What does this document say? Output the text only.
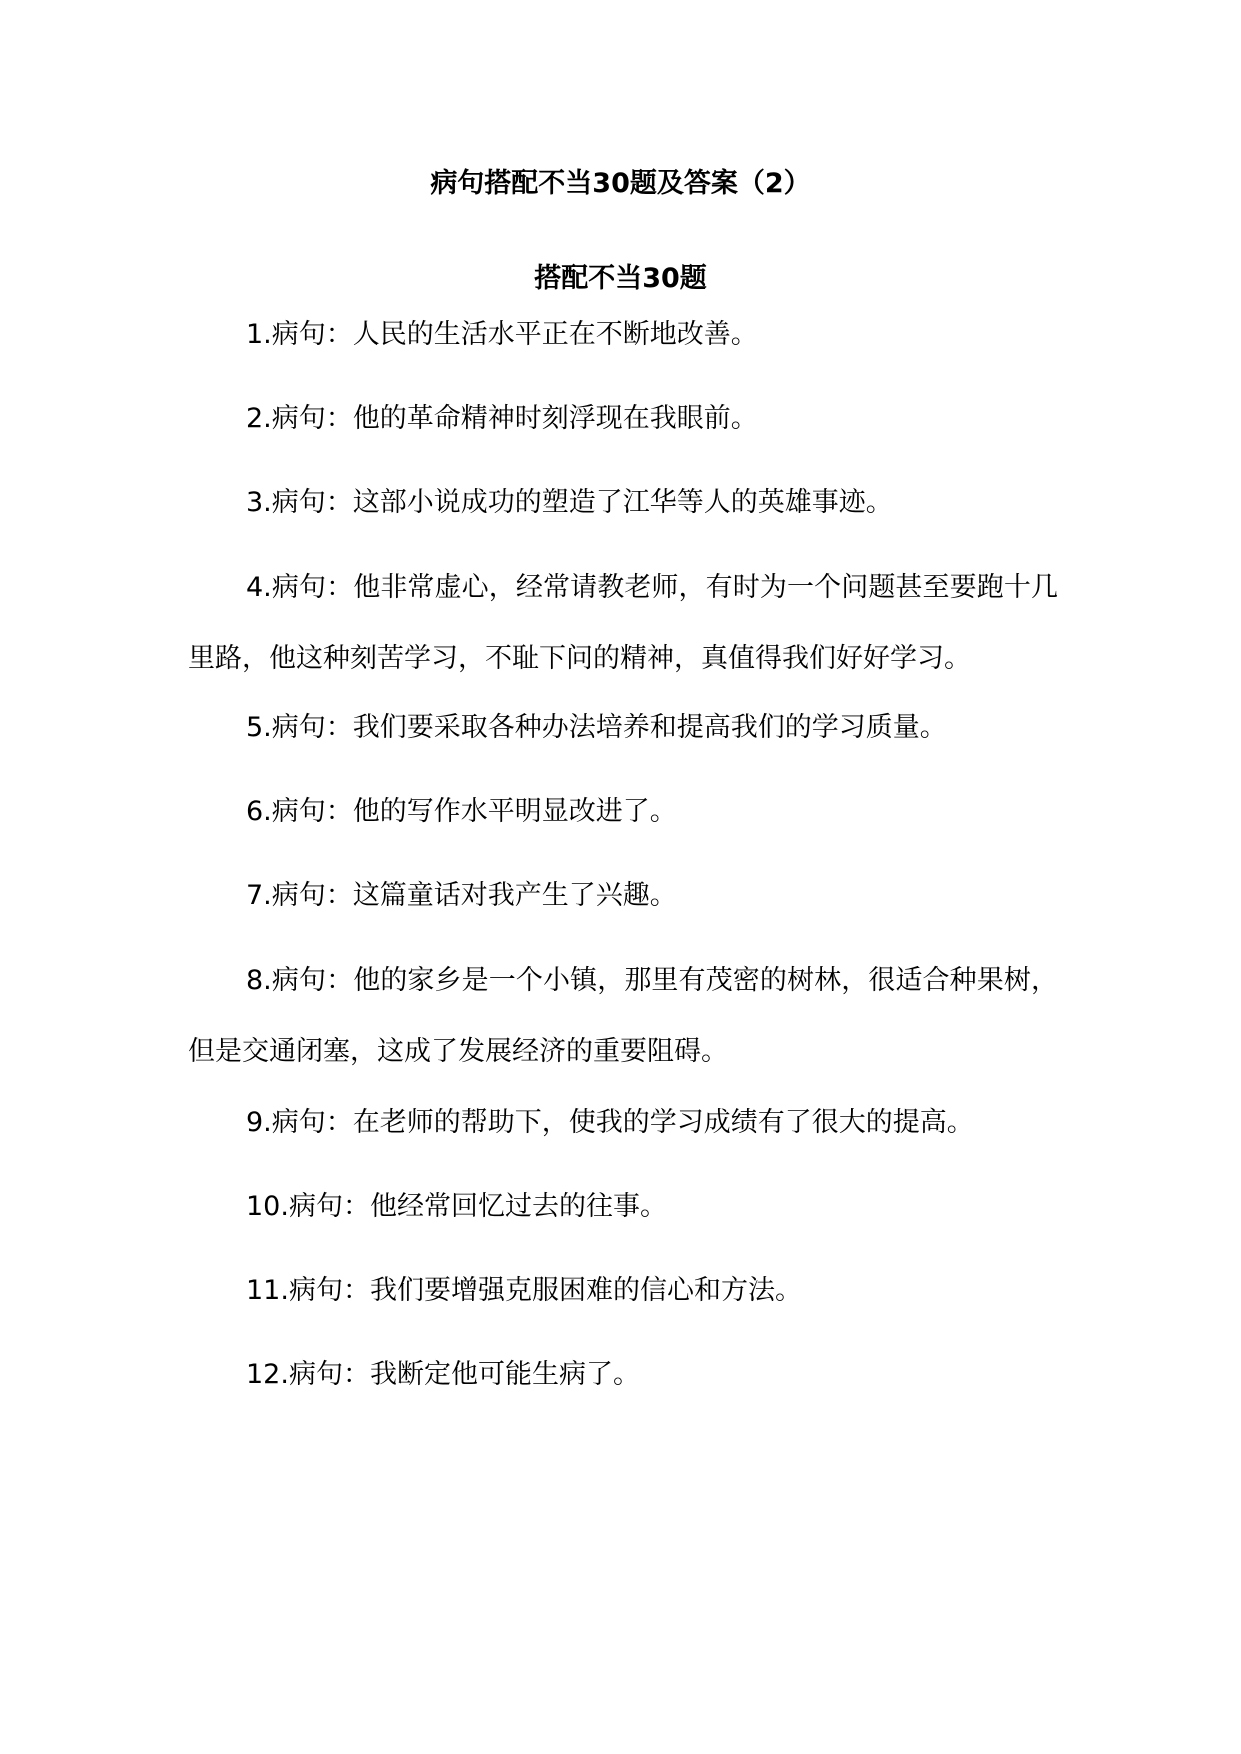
病句搭配不当30题及答案（2）
搭配不当30题

1.病句：人民的生活水平正在不断地改善。

2.病句：他的革命精神时刻浮现在我眼前。

3.病句：这部小说成功的塑造了江华等人的英雄事迹。

4.病句：他非常虚心，经常请教老师，有时为一个问题甚至要跑十几里路，他这种刻苦学习，不耻下问的精神，真值得我们好好学习。

5.病句：我们要采取各种办法培养和提高我们的学习质量。

6.病句：他的写作水平明显改进了。

7.病句：这篇童话对我产生了兴趣。

8.病句：他的家乡是一个小镇，那里有茂密的树林，很适合种果树，但是交通闭塞，这成了发展经济的重要阻碍。

9.病句：在老师的帮助下，使我的学习成绩有了很大的提高。

10.病句：他经常回忆过去的往事。

11.病句：我们要增强克服困难的信心和方法。

12.病句：我断定他可能生病了。
